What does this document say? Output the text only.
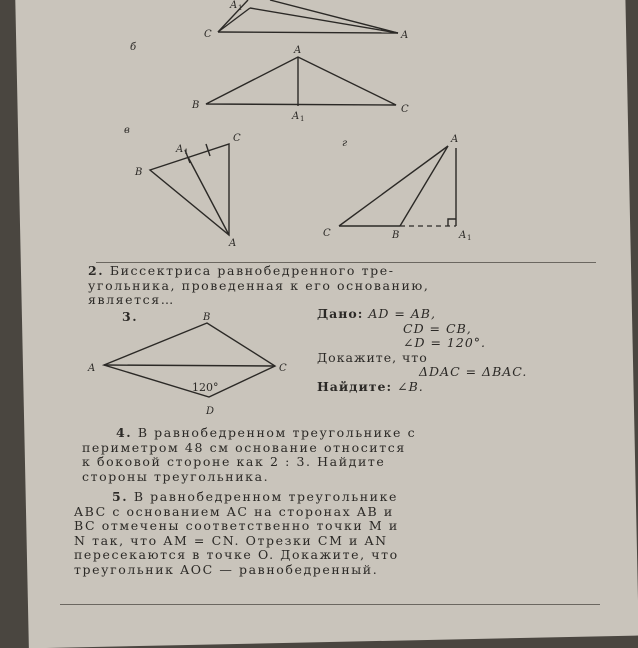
A 1
C	A
б	A
B	C
A 1
в
B
A 1
C
A
г	A
C	B	A 1
B
A	C
D
120°
2. Биссектриса равнобедренного тре-
угольника, проведенная к его основанию,
является…
3.	Дано: AD = AB,
CD = CB,
∠D = 120°.
Докажите, что
ΔDAC = ΔBAC.
Найдите: ∠B.
4. В равнобедренном треугольнике с
периметром 48 см основание относится
к боковой стороне как 2 : 3. Найдите
стороны треугольника.
5. В равнобедренном треугольнике
ABC с основанием AC на сторонах AB и
BC отмечены соответственно точки M и
N так, что AM = CN. Отрезки CM и AN
пересекаются в точке O. Докажите, что
треугольник AOC — равнобедренный.
